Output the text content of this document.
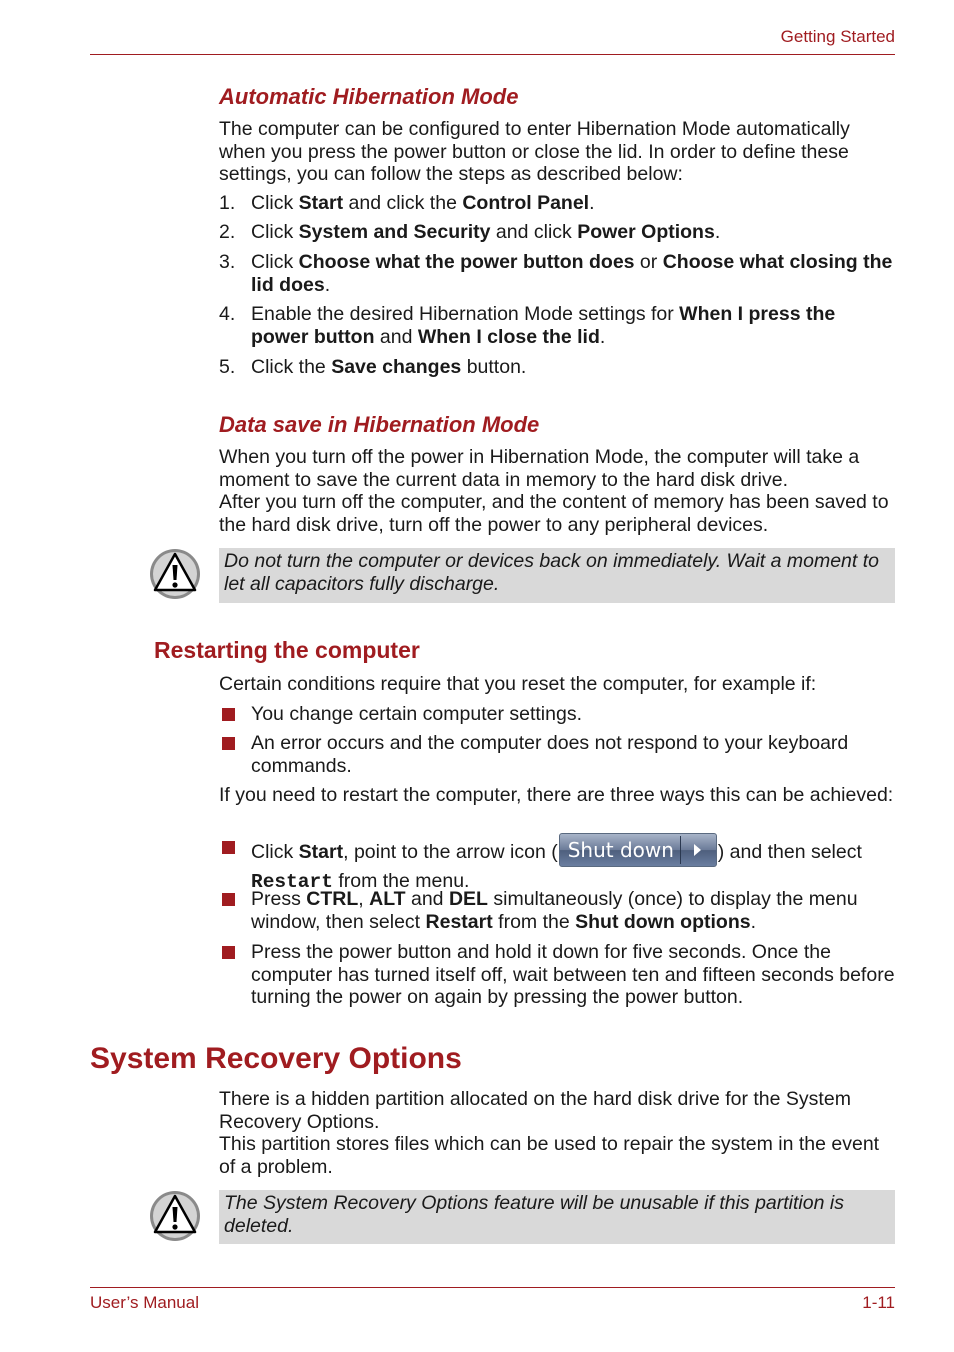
Getting Started
Automatic Hibernation Mode

The computer can be configured to enter Hibernation Mode automatically when you press the power button or close the lid. In order to define these settings, you can follow the steps as described below:

1. Click Start and click the Control Panel.
2. Click System and Security and click Power Options.
3. Click Choose what the power button does or Choose what closing the lid does.
4. Enable the desired Hibernation Mode settings for When I press the power button and When I close the lid.
5. Click the Save changes button.
Data save in Hibernation Mode

When you turn off the power in Hibernation Mode, the computer will take a moment to save the current data in memory to the hard disk drive.

After you turn off the computer, and the content of memory has been saved to the hard disk drive, turn off the power to any peripheral devices.

Do not turn the computer or devices back on immediately. Wait a moment to let all capacitors fully discharge.
Restarting the computer

Certain conditions require that you reset the computer, for example if:

You change certain computer settings.
An error occurs and the computer does not respond to your keyboard commands.

If you need to restart the computer, there are three ways this can be achieved:

Click Start, point to the arrow icon ( Shut down ) and then select
Restart from the menu.
Press CTRL, ALT and DEL simultaneously (once) to display the menu window, then select Restart from the Shut down options.
Press the power button and hold it down for five seconds. Once the computer has turned itself off, wait between ten and fifteen seconds before turning the power on again by pressing the power button.
System Recovery Options

There is a hidden partition allocated on the hard disk drive for the System Recovery Options.

This partition stores files which can be used to repair the system in the event of a problem.

The System Recovery Options feature will be unusable if this partition is deleted.
User’s Manual	1-11
